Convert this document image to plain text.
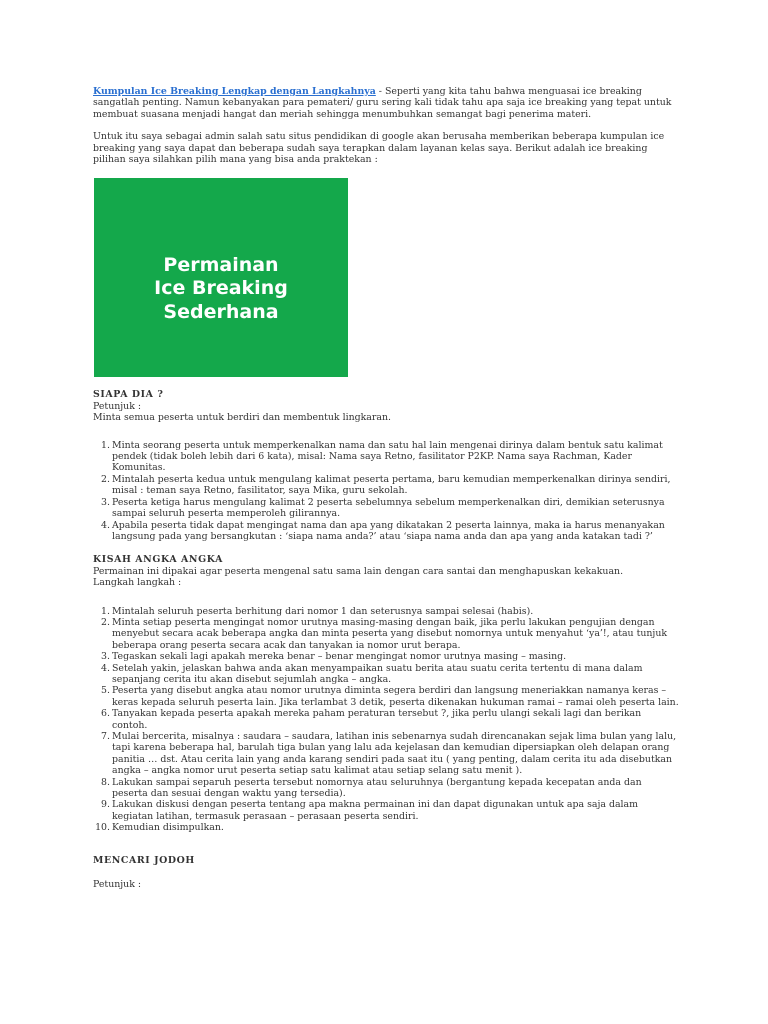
Kumpulan Ice Breaking Lengkap dengan Langkahnya - Seperti yang kita tahu bahwa menguasai ice breaking sangatlah penting. Namun kebanyakan para pemateri/ guru sering kali tidak tahu apa saja ice breaking yang tepat untuk membuat suasana menjadi hangat dan meriah sehingga menumbuhkan semangat bagi penerima materi.

Untuk itu saya sebagai admin salah satu situs pendidikan di google akan berusaha memberikan beberapa kumpulan ice breaking yang saya dapat dan beberapa sudah saya terapkan dalam layanan kelas saya. Berikut adalah ice breaking pilihan saya silahkan pilih mana yang bisa anda praktekan :

Permainan
Ice Breaking
Sederhana
SIAPA DIA ?

Petunjuk :

Minta semua peserta untuk berdiri dan membentuk lingkaran.

1. Minta seorang peserta untuk memperkenalkan nama dan satu hal lain mengenai dirinya dalam bentuk satu kalimat pendek (tidak boleh lebih dari 6 kata), misal: Nama saya Retno, fasilitator P2KP. Nama saya Rachman, Kader Komunitas.
2. Mintalah peserta kedua untuk mengulang kalimat peserta pertama, baru kemudian memperkenalkan dirinya sendiri, misal : teman saya Retno, fasilitator, saya Mika, guru sekolah.
3. Peserta ketiga harus mengulang kalimat 2 peserta sebelumnya sebelum memperkenalkan diri, demikian seterusnya sampai seluruh peserta memperoleh gilirannya.
4. Apabila peserta tidak dapat mengingat nama dan apa yang dikatakan 2 peserta lainnya, maka ia harus menanyakan langsung pada yang bersangkutan : ‘siapa nama anda?’ atau ‘siapa nama anda dan apa yang anda katakan tadi ?’
KISAH ANGKA ANGKA

Permainan ini dipakai agar peserta mengenal satu sama lain dengan cara santai dan menghapuskan kekakuan.

Langkah langkah :

1. Mintalah seluruh peserta berhitung dari nomor 1 dan seterusnya sampai selesai (habis).
2. Minta setiap peserta mengingat nomor urutnya masing-masing dengan baik, jika perlu lakukan pengujian dengan menyebut secara acak beberapa angka dan minta peserta yang disebut nomornya untuk menyahut ‘ya’!, atau tunjuk beberapa orang peserta secara acak dan tanyakan ia nomor urut berapa.
3. Tegaskan sekali lagi apakah mereka benar – benar mengingat nomor urutnya masing – masing.
4. Setelah yakin, jelaskan bahwa anda akan menyampaikan suatu berita atau suatu cerita tertentu di mana dalam sepanjang cerita itu akan disebut sejumlah angka – angka.
5. Peserta yang disebut angka atau nomor urutnya diminta segera berdiri dan langsung meneriakkan namanya keras – keras kepada seluruh peserta lain. Jika terlambat 3 detik, peserta dikenakan hukuman ramai – ramai oleh peserta lain.
6. Tanyakan kepada peserta apakah mereka paham peraturan tersebut ?, jika perlu ulangi sekali lagi dan berikan contoh.
7. Mulai bercerita, misalnya : saudara – saudara, latihan inis sebenarnya sudah direncanakan sejak lima bulan yang lalu, tapi karena beberapa hal, barulah tiga bulan yang lalu ada kejelasan dan kemudian dipersiapkan oleh delapan orang panitia … dst. Atau cerita lain yang anda karang sendiri pada saat itu ( yang penting, dalam cerita itu ada disebutkan angka – angka nomor urut peserta setiap satu kalimat atau setiap selang satu menit ).
8. Lakukan sampai separuh peserta tersebut nomornya atau seluruhnya (bergantung kepada kecepatan anda dan peserta dan sesuai dengan waktu yang tersedia).
9. Lakukan diskusi dengan peserta tentang apa makna permainan ini dan dapat digunakan untuk apa saja dalam kegiatan latihan, termasuk perasaan – perasaan peserta sendiri.
10. Kemudian disimpulkan.
MENCARI JODOH

Petunjuk :
